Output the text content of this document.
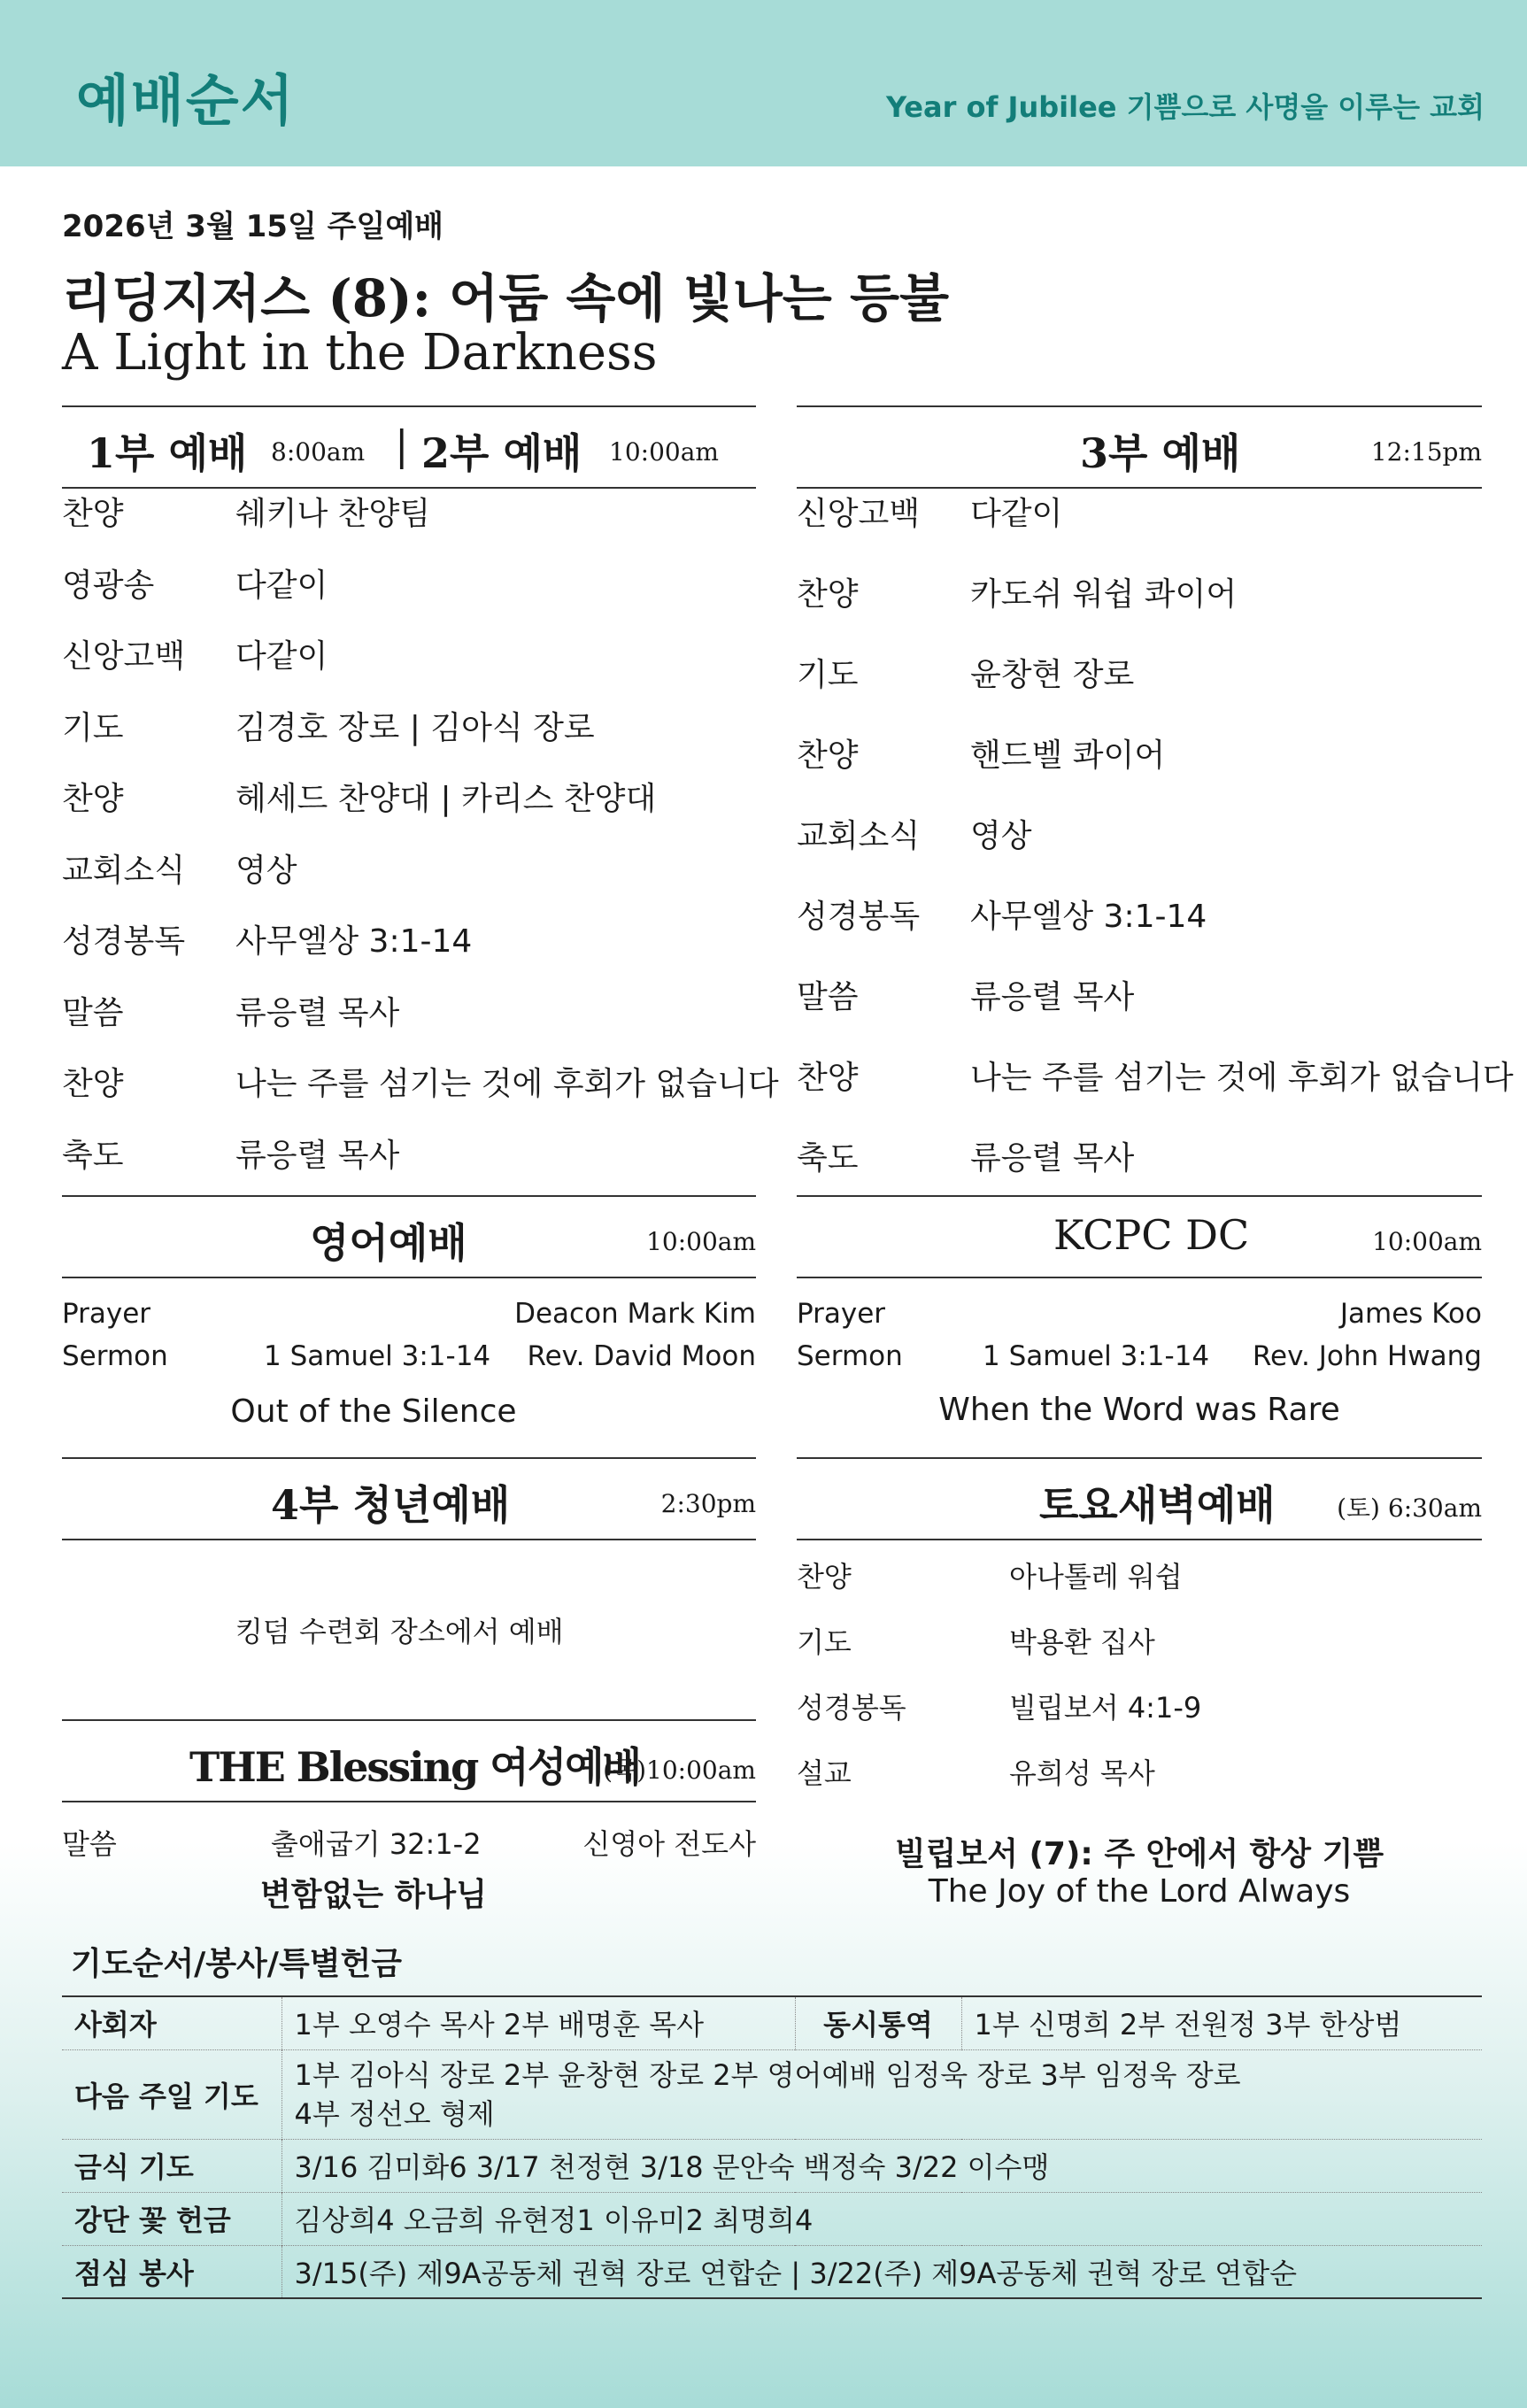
예배순서	Year of Jubilee 기쁨으로 사명을 이루는 교회
2026년 3월 15일 주일예배
리딩지저스 (8): 어둠 속에 빛나는 등불
A Light in the Darkness
1부 예배 8:00am | 2부 예배 10:00am
찬양	쉐키나 찬양팀
영광송	다같이
신앙고백 다같이
기도	김경호 장로 | 김아식 장로
찬양	헤세드 찬양대 | 카리스 찬양대
교회소식 영상
성경봉독 사무엘상 3:1-14
말씀	류응렬 목사
찬양	나는 주를 섬기는 것에 후회가 없습니다
축도	류응렬 목사
3부 예배	12:15pm
신앙고백 다같이
찬양	카도쉬 워쉽 콰이어
기도	윤창현 장로
찬양	핸드벨 콰이어
교회소식 영상
성경봉독 사무엘상 3:1-14
말씀	류응렬 목사
찬양	나는 주를 섬기는 것에 후회가 없습니다
축도	류응렬 목사
영어예배	10:00am
Prayer	Deacon Mark Kim
Sermon	1 Samuel 3:1-14 Rev. David Moon
Out of the Silence
KCPC DC	10:00am
Prayer	James Koo
Sermon	1 Samuel 3:1-14 Rev. John Hwang
When the Word was Rare
4부 청년예배	2:30pm
킹덤 수련회 장소에서 예배
THE Blessing 여성예배
(목)10:00am
말씀	출애굽기 32:1-2	신영아 전도사
변함없는 하나님
토요새벽예배 (토) 6:30am
찬양	아나톨레 워쉽
기도	박용환 집사
성경봉독	빌립보서 4:1-9
설교	유희성 목사
빌립보서 (7): 주 안에서 항상 기쁨
The Joy of the Lord Always
기도순서/봉사/특별헌금
사회자	1부 오영수 목사 2부 배명훈 목사	동시통역	1부 신명희 2부 전원정 3부 한상범
다음 주일 기도	1부 김아식 장로 2부 윤창현 장로 2부 영어예배 임정욱 장로 3부 임정욱 장로
4부 정선오 형제		

금식 기도	3/16 김미화6 3/17 천정현 3/18 문안숙 백정숙 3/22 이수맹		
강단 꽃 헌금	김상희4 오금희 유현정1 이유미2 최명희4		
점심 봉사	3/15(주) 제9A공동체 권혁 장로 연합순 | 3/22(주) 제9A공동체 권혁 장로 연합순		
